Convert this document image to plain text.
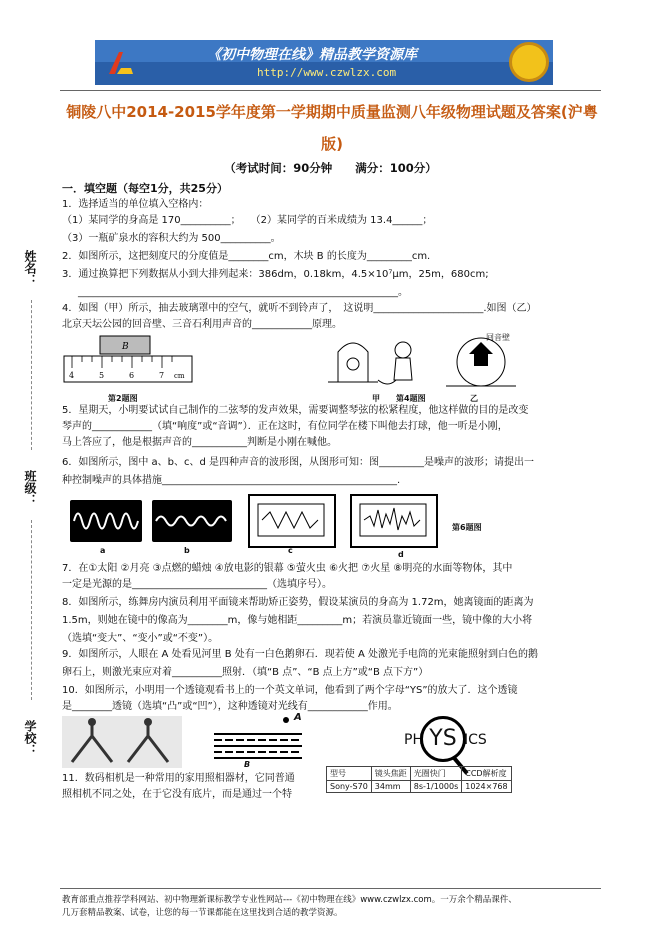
《初中物理在线》精品教学资源库
http://www.czwlzx.com
铜陵八中2014-2015学年度第一学期期中质量监测八年级物理试题及答案(沪粤版)
（考试时间：90分钟　　满分：100分）
姓名：
班级：
学校：
一．填空题（每空1分，共25分）
1．选择适当的单位填入空格内：
（1）某同学的身高是 170__________；　　（2）某同学的百米成绩为 13.4______；
（3）一瓶矿泉水的容积大约为 500__________。
2．如图所示，这把刻度尺的分度值是________cm，木块 B 的长度为_________cm.
3．通过换算把下列数据从小到大排列起来：386dm，0.18km，4.5×10⁷μm，25m，680cm;
________________________________________________________________。
4．如图（甲）所示，抽去玻璃罩中的空气，就听不到铃声了，　这说明______________________.如图（乙）
北京天坛公园的回音壁、三音石利用声音的____________原理。
B
4	5	6	7 cm
第2题图	甲
回音壁
第4题图	乙
5．星期天，小明要试试自己制作的二弦琴的发声效果，需要调整琴弦的松紧程度，他这样做的目的是改变
琴声的____________（填“响度”或“音调”）．正在这时，有位同学在楼下叫他去打球，他一听是小刚，
马上答应了，他是根据声音的___________判断是小刚在喊他。
6．如图所示，图中 a、b、c、d 是四种声音的波形图，从图形可知：图_________是噪声的波形；请提出一
种控制噪声的具体措施_______________________________________________.
a	b	c	d
第6题图
7．在①太阳 ②月亮 ③点燃的蜡烛 ④放电影的银幕 ⑤萤火虫 ⑥火把 ⑦火星 ⑧明亮的水面等物体，其中
一定是光源的是___________________________（选填序号）。
8．如图所示，练舞房内演员利用平面镜来帮助矫正姿势，假设某演员的身高为 1.72m，她离镜面的距离为
1.5m，则她在镜中的像高为________m，像与她相距_________m；若演员靠近镜面一些，镜中像的大小将
（选填“变大”、“变小”或“不变”）。
9．如图所示，人眼在 A 处看见河里 B 处有一白色鹅卵石．现若使 A 处激光手电筒的光束能照射到白色的鹅
卵石上，则激光束应对着__________照射．（填“B 点”、“B 点上方”或“B 点下方”）
10．如图所示，小明用一个透镜观看书上的一个英文单词，他看到了两个字母“YS”的放大了．这个透镜
是________透镜（选填“凸”或“凹”），这种透镜对光线有____________作用。
A
B
PH YS ICS
11．数码相机是一种常用的家用照相器材，它同普通
照相机不同之处，在于它没有底片，而是通过一个特
型号	镜头焦距	光圈快门	CCD解析度
Sony-S70	34mm	8s-1/1000s	1024×768
教育部重点推荐学科网站、初中物理新课标教学专业性网站---《初中物理在线》www.czwlzx.com。一万余个精品课件、
几万套精品教案、试卷，让您的每一节课都能在这里找到合适的教学资源。
